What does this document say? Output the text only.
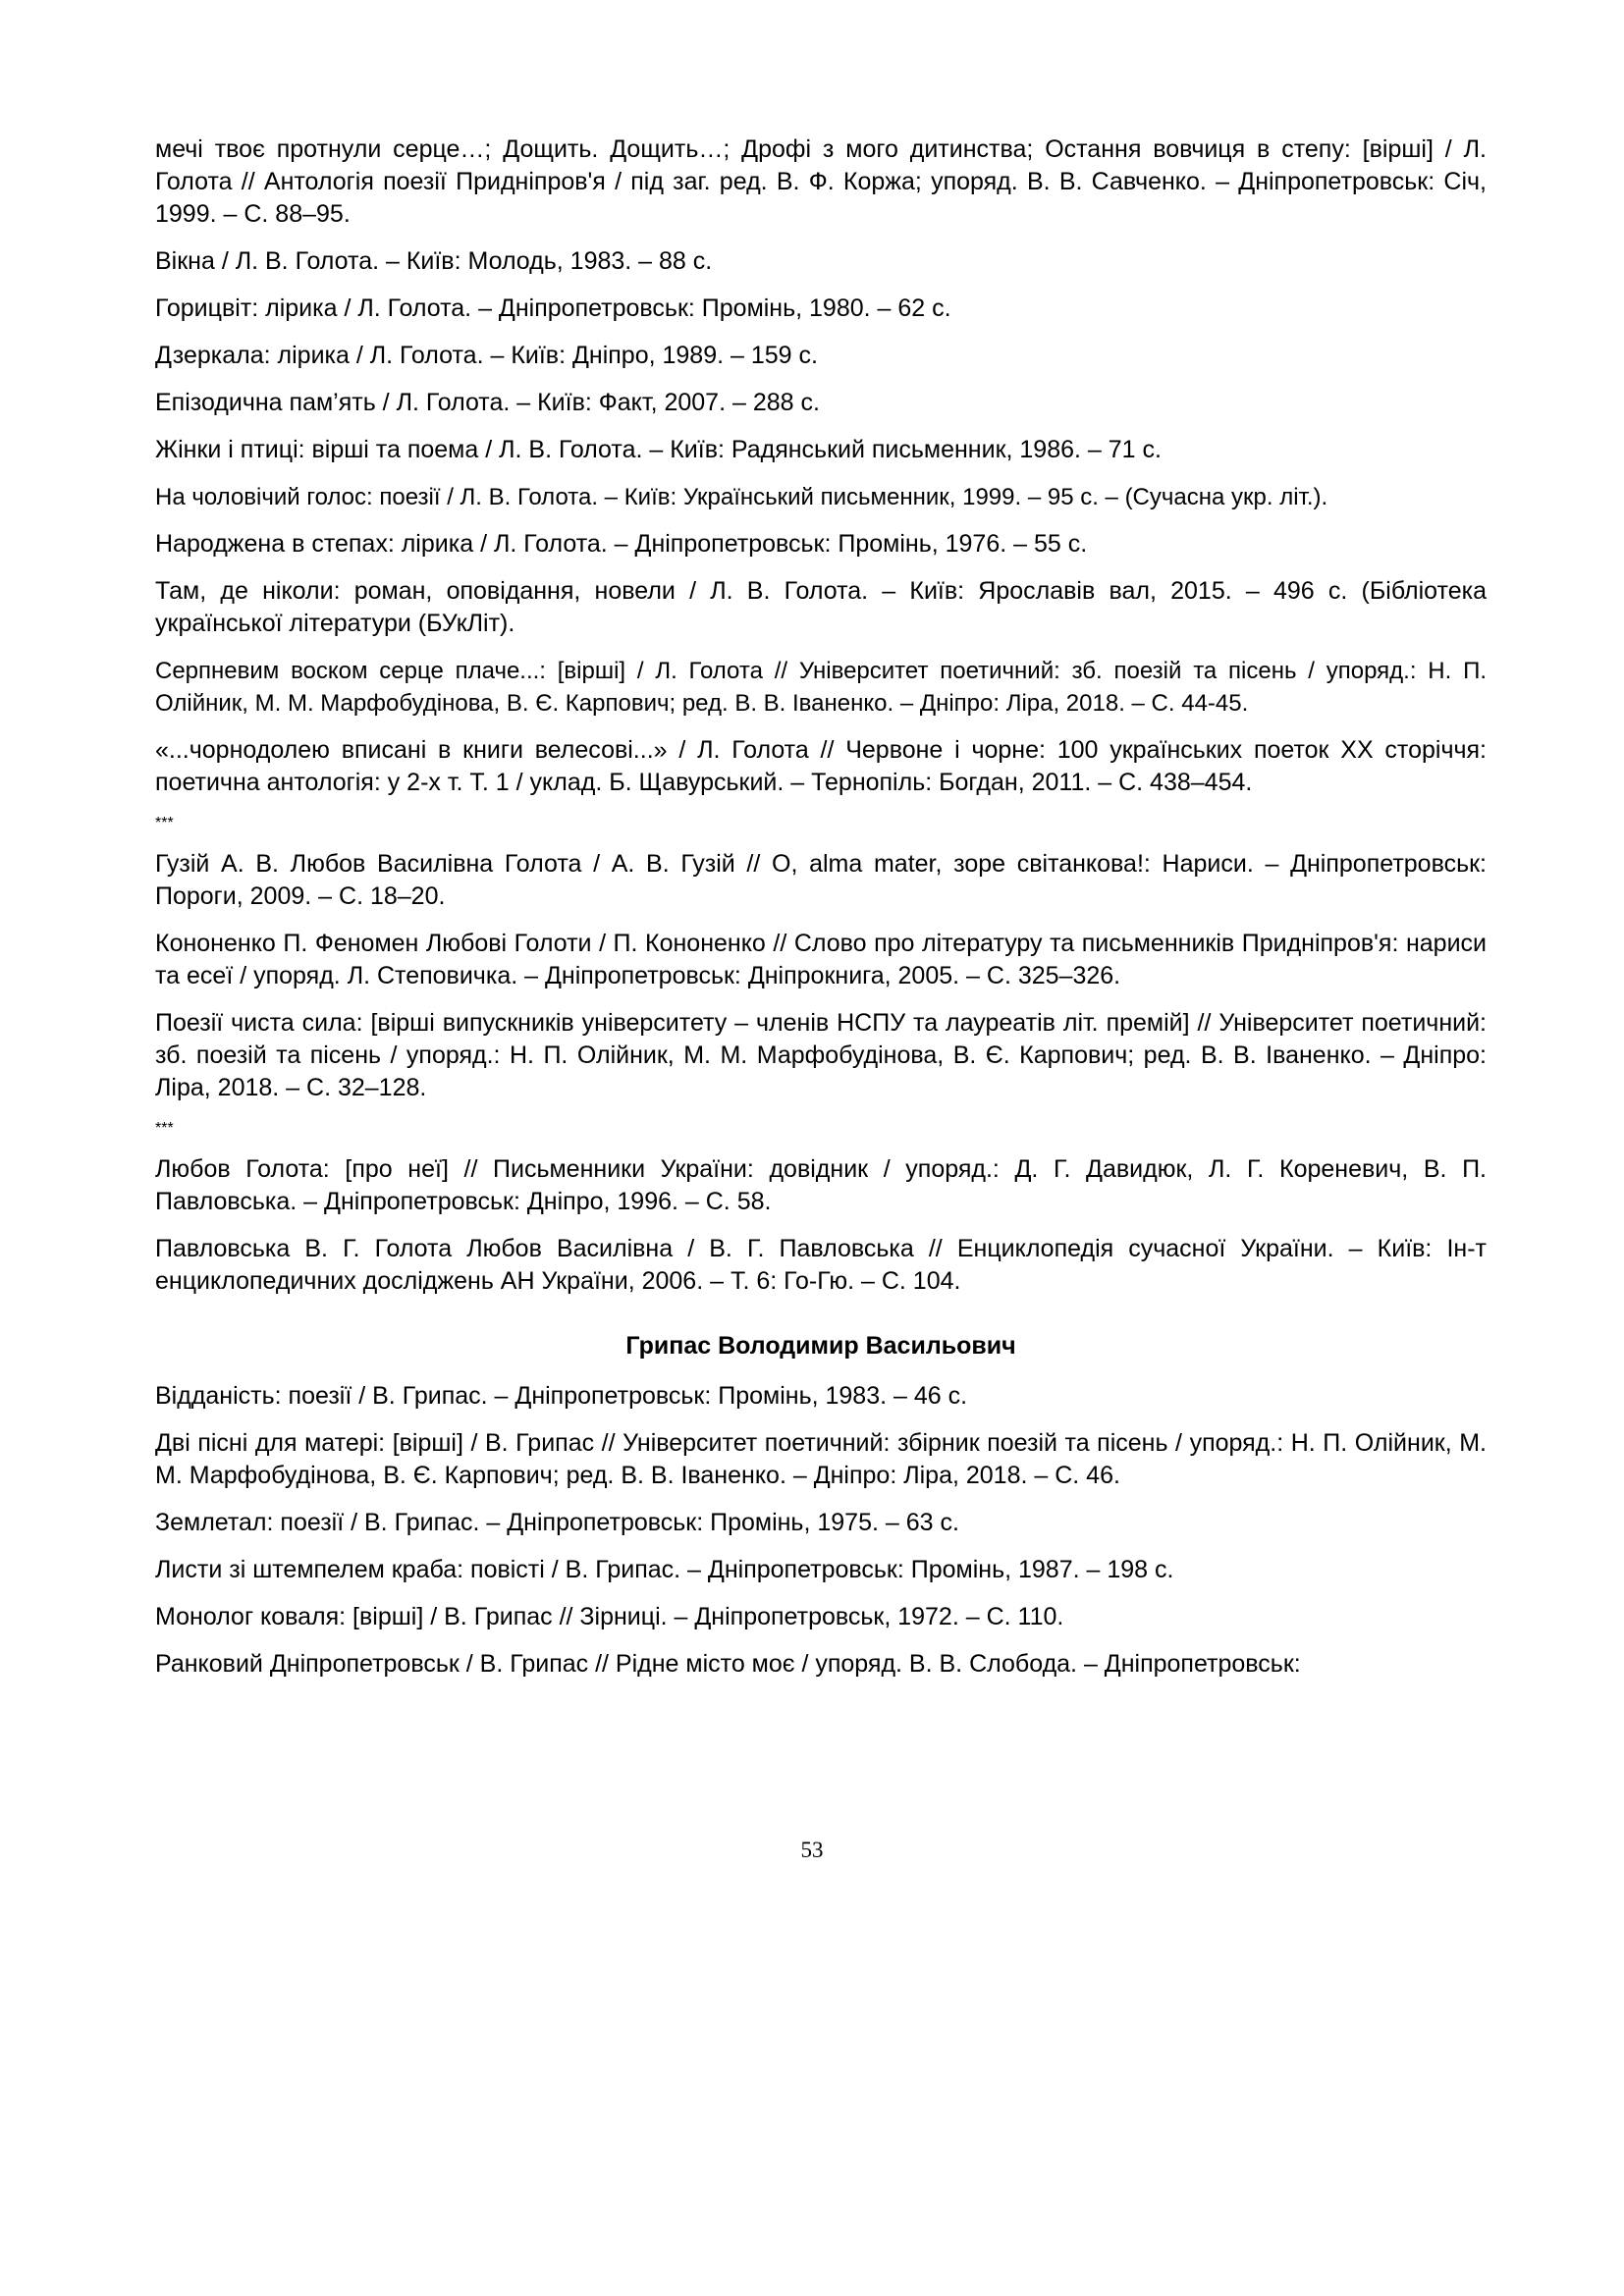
мечі твоє протнули серце…; Дощить. Дощить…; Дрофі з мого дитинства; Остання вовчиця в степу: [вірші] / Л. Голота // Антологія поезії Придніпров'я / під заг. ред. В. Ф. Коржа; упоряд. В. В. Савченко. – Дніпропетровськ: Січ, 1999. – С. 88–95.

Вікна / Л. В. Голота. – Київ: Молодь, 1983. – 88 с.

Горицвіт: лірика / Л. Голота. – Дніпропетровськ: Промінь, 1980. – 62 с.

Дзеркала: лірика / Л. Голота. – Київ: Дніпро, 1989. – 159 с.

Епізодична пам’ять / Л. Голота. – Київ: Факт, 2007. – 288 с.

Жінки і птиці: вірші та поема / Л. В. Голота. – Київ: Радянський письменник, 1986. – 71 с.

На чоловічий голос: поезії / Л. В. Голота. – Київ: Український письменник, 1999. – 95 с. – (Сучасна укр. літ.).

Народжена в степах: лірика / Л. Голота. – Дніпропетровськ: Промінь, 1976. – 55 с.

Там, де ніколи: роман, оповідання, новели / Л. В. Голота. – Київ: Ярославів вал, 2015. – 496 с. (Бібліотека української літератури (БУкЛіт).

Серпневим воском серце плаче...: [вірші] / Л. Голота // Університет поетичний: зб. поезій та пісень / упоряд.: Н. П. Олійник, М. М. Марфобудінова, В. Є. Карпович; ред. В. В. Іваненко. – Дніпро: Ліра, 2018. – С. 44-45.

«...чорнодолею вписані в книги велесові...» / Л. Голота // Червоне і чорне: 100 українських поеток ХХ сторіччя: поетична антологія: у 2-х т. Т. 1 / уклад. Б. Щавурський. – Тернопіль: Богдан, 2011. – С. 438–454.

***

Гузій А. В. Любов Василівна Голота / А. В. Гузій // О, alma mater, зоре світанкова!: Нариси. – Дніпропетровськ: Пороги, 2009. – С. 18–20.

Кононенко П. Феномен Любові Голоти / П. Кононенко // Слово про літературу та письменників Придніпров'я: нариси та есеї / упоряд. Л. Степовичка. – Дніпропетровськ: Дніпрокнига, 2005. – С. 325–326.

Поезії чиста сила: [вірші випускників університету – членів НСПУ та лауреатів літ. премій] // Університет поетичний: зб. поезій та пісень / упоряд.: Н. П. Олійник, М. М. Марфобудінова, В. Є. Карпович; ред. В. В. Іваненко. – Дніпро: Ліра, 2018. – С. 32–128.

***

Любов Голота: [про неї] // Письменники України: довідник / упоряд.: Д. Г. Давидюк, Л. Г. Кореневич, В. П. Павловська. – Дніпропетровськ: Дніпро, 1996. – С. 58.

Павловська В. Г. Голота Любов Василівна / В. Г. Павловська // Енциклопедія сучасної України. – Київ: Ін-т енциклопедичних досліджень АН України, 2006. – Т. 6: Го-Гю. – С. 104.

Грипас Володимир Васильович

Відданість: поезії / В. Грипас. – Дніпропетровськ: Промінь, 1983. – 46 с.

Дві пісні для матері: [вірші] / В. Грипас // Університет поетичний: збірник поезій та пісень / упоряд.: Н. П. Олійник, М. М. Марфобудінова, В. Є. Карпович; ред. В. В. Іваненко. – Дніпро: Ліра, 2018. – С. 46.

Землетал: поезії / В. Грипас. – Дніпропетровськ: Промінь, 1975. – 63 с.

Листи зі штемпелем краба: повісті / В. Грипас. – Дніпропетровськ: Промінь, 1987. – 198 с.

Монолог коваля: [вірші] / В. Грипас // Зірниці. – Дніпропетровськ, 1972. – С. 110.

Ранковий Дніпропетровськ / В. Грипас // Рідне місто моє / упоряд. В. В. Слобода. – Дніпропетровськ:

53
